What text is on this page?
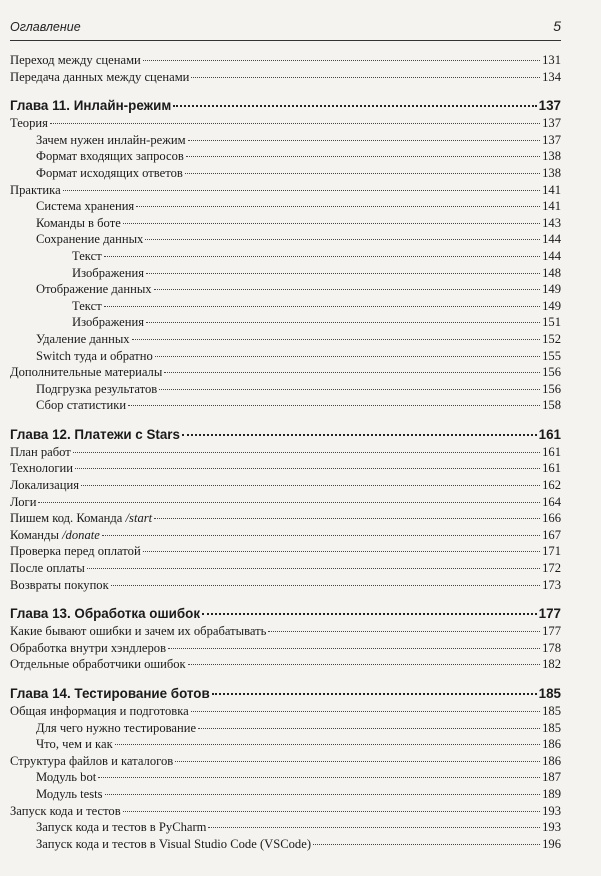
Оглавление	5
Переход между сценами	131
Передача данных между сценами	134
Глава 11. Инлайн-режим	137
Теория	137
Зачем нужен инлайн-режим	137
Формат входящих запросов	138
Формат исходящих ответов	138
Практика	141
Система хранения	141
Команды в боте	143
Сохранение данных	144
Текст	144
Изображения	148
Отображение данных	149
Текст	149
Изображения	151
Удаление данных	152
Switch туда и обратно	155
Дополнительные материалы	156
Подгрузка результатов	156
Сбор статистики	158
Глава 12. Платежи с Stars	161
План работ	161
Технологии	161
Локализация	162
Логи	164
Пишем код. Команда /start	166
Команды /donate	167
Проверка перед оплатой	171
После оплаты	172
Возвраты покупок	173
Глава 13. Обработка ошибок	177
Какие бывают ошибки и зачем их обрабатывать	177
Обработка внутри хэндлеров	178
Отдельные обработчики ошибок	182
Глава 14. Тестирование ботов	185
Общая информация и подготовка	185
Для чего нужно тестирование	185
Что, чем и как	186
Структура файлов и каталогов	186
Модуль bot	187
Модуль tests	189
Запуск кода и тестов	193
Запуск кода и тестов в PyCharm	193
Запуск кода и тестов в Visual Studio Code (VSCode)	196
